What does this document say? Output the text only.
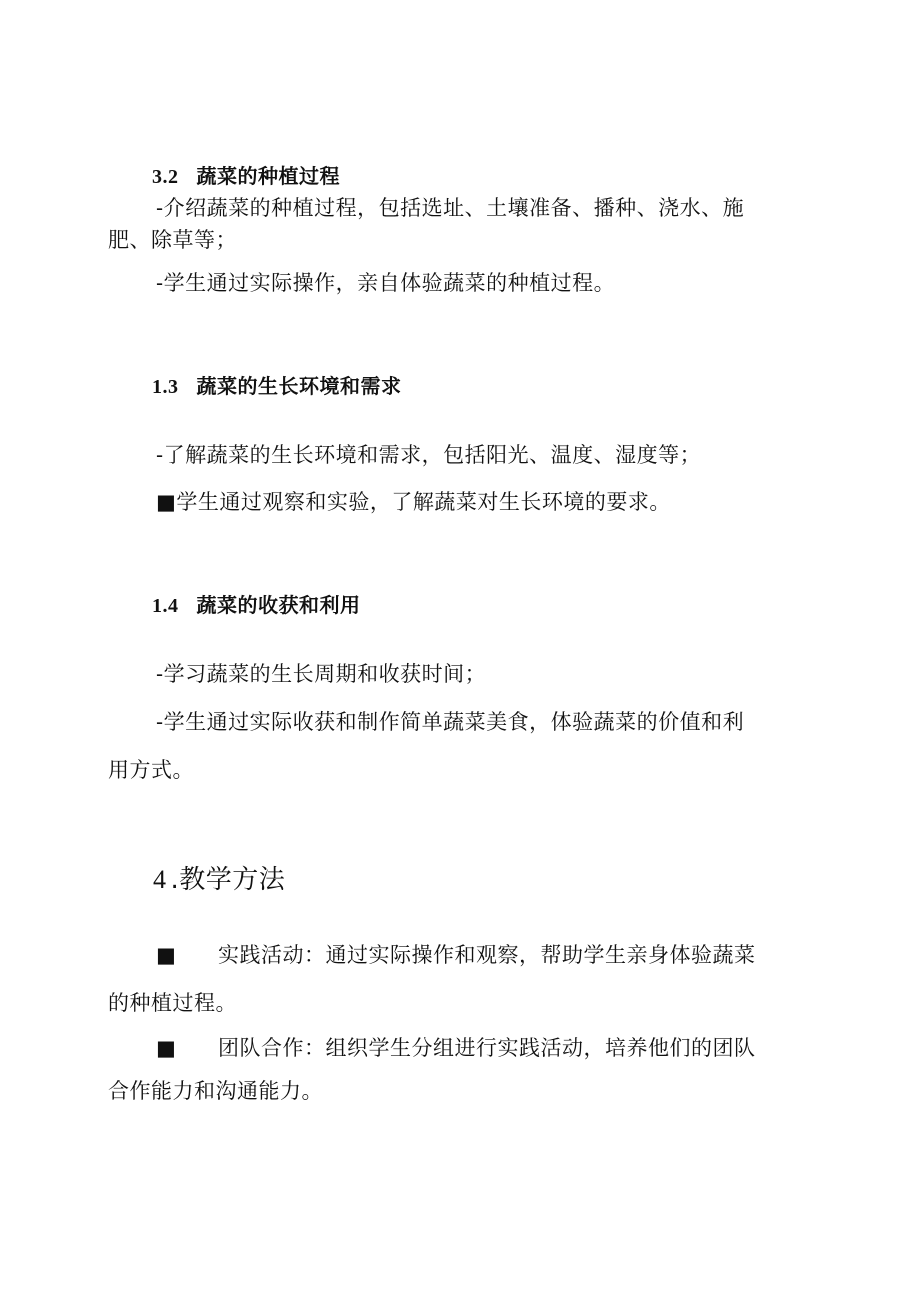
3.2 蔬菜的种植过程
-介绍蔬菜的种植过程，包括选址、土壤准备、播种、浇水、施
肥、除草等；
-学生通过实际操作，亲自体验蔬菜的种植过程。
1.3 蔬菜的生长环境和需求
-了解蔬菜的生长环境和需求，包括阳光、温度、湿度等；
■学生通过观察和实验，了解蔬菜对生长环境的要求。
1.4 蔬菜的收获和利用
-学习蔬菜的生长周期和收获时间；
-学生通过实际收获和制作简单蔬菜美食，体验蔬菜的价值和利
用方式。
4 .教学方法
■ 实践活动：通过实际操作和观察，帮助学生亲身体验蔬菜
的种植过程。
■ 团队合作：组织学生分组进行实践活动，培养他们的团队
合作能力和沟通能力。
